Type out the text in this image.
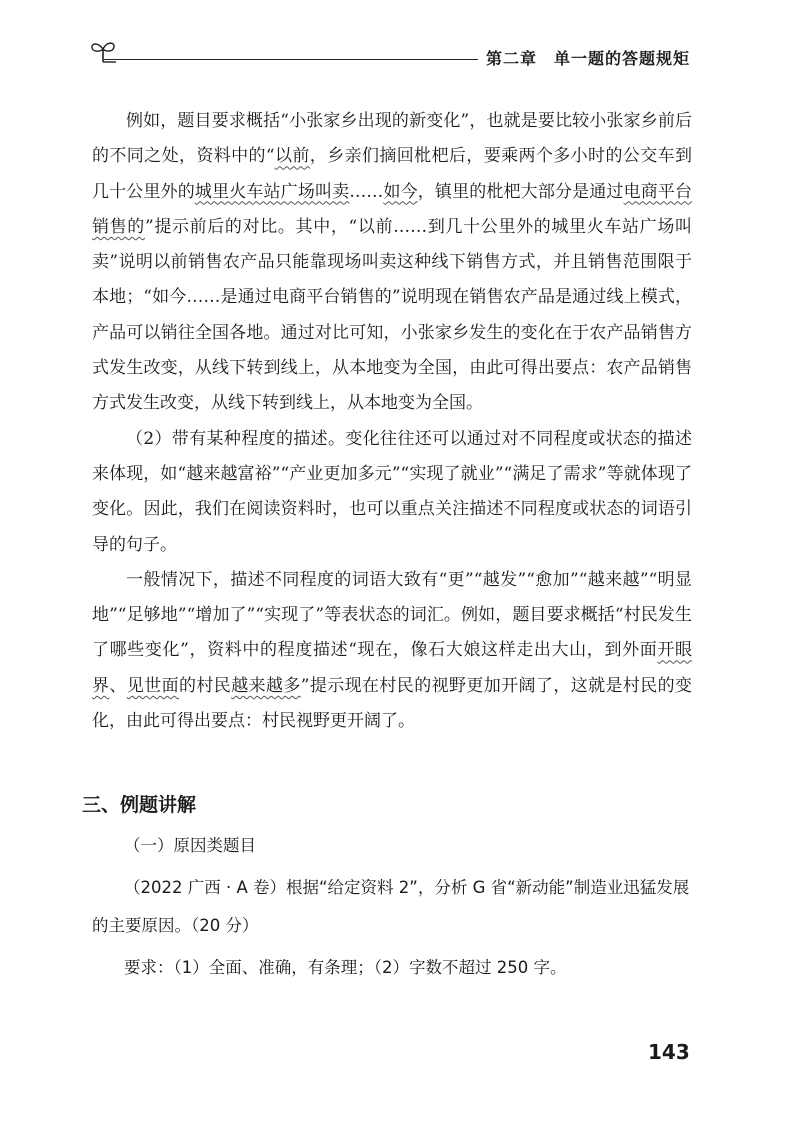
第二章　单一题的答题规矩

例如，题目要求概括“小张家乡出现的新变化”，也就是要比较小张家乡前后的不同之处，资料中的“以前，乡亲们摘回枇杷后，要乘两个多小时的公交车到几十公里外的城里火车站广场叫卖……如今，镇里的枇杷大部分是通过电商平台销售的”提示前后的对比。其中，“以前……到几十公里外的城里火车站广场叫卖”说明以前销售农产品只能靠现场叫卖这种线下销售方式，并且销售范围限于本地；“如今……是通过电商平台销售的”说明现在销售农产品是通过线上模式，产品可以销往全国各地。通过对比可知，小张家乡发生的变化在于农产品销售方式发生改变，从线下转到线上，从本地变为全国，由此可得出要点：农产品销售方式发生改变，从线下转到线上，从本地变为全国。

（2）带有某种程度的描述。变化往往还可以通过对不同程度或状态的描述来体现，如“越来越富裕”“产业更加多元”“实现了就业”“满足了需求”等就体现了变化。因此，我们在阅读资料时，也可以重点关注描述不同程度或状态的词语引导的句子。

一般情况下，描述不同程度的词语大致有“更”“越发”“愈加”“越来越”“明显地”“足够地”“增加了”“实现了”等表状态的词汇。例如，题目要求概括“村民发生了哪些变化”，资料中的程度描述“现在，像石大娘这样走出大山，到外面开眼界、见世面的村民越来越多”提示现在村民的视野更加开阔了，这就是村民的变化，由此可得出要点：村民视野更开阔了。

三、例题讲解
（一）原因类题目
（2022 广西 · A 卷）根据“给定资料 2”，分析 G 省“新动能”制造业迅猛发展
的主要原因。（20 分）
要求：（1）全面、准确，有条理；（2）字数不超过 250 字。
143
